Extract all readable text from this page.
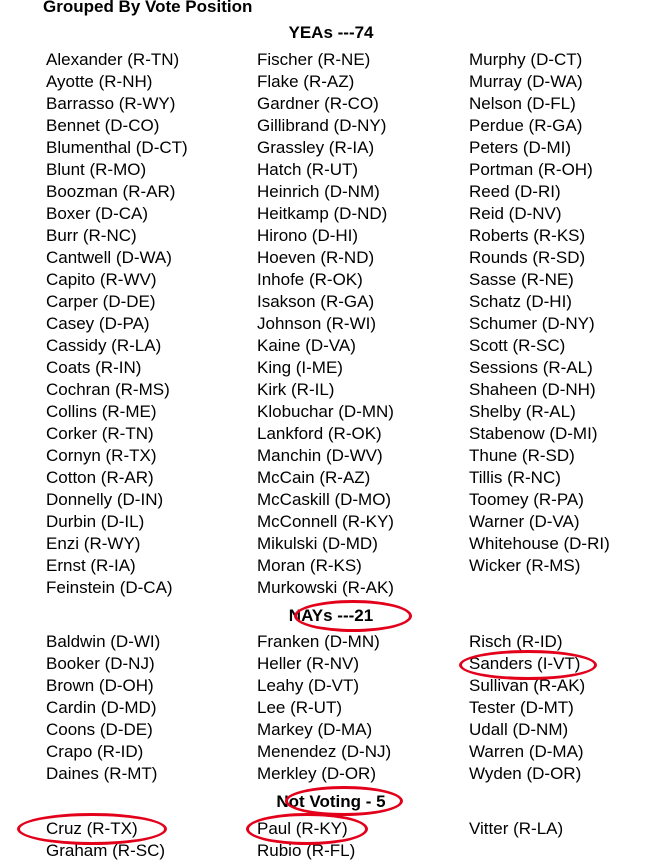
Grouped By Vote Position
YEAs ---74
Alexander (R-TN)
Ayotte (R-NH)
Barrasso (R-WY)
Bennet (D-CO)
Blumenthal (D-CT)
Blunt (R-MO)
Boozman (R-AR)
Boxer (D-CA)
Burr (R-NC)
Cantwell (D-WA)
Capito (R-WV)
Carper (D-DE)
Casey (D-PA)
Cassidy (R-LA)
Coats (R-IN)
Cochran (R-MS)
Collins (R-ME)
Corker (R-TN)
Cornyn (R-TX)
Cotton (R-AR)
Donnelly (D-IN)
Durbin (D-IL)
Enzi (R-WY)
Ernst (R-IA)
Feinstein (D-CA)
Fischer (R-NE)
Flake (R-AZ)
Gardner (R-CO)
Gillibrand (D-NY)
Grassley (R-IA)
Hatch (R-UT)
Heinrich (D-NM)
Heitkamp (D-ND)
Hirono (D-HI)
Hoeven (R-ND)
Inhofe (R-OK)
Isakson (R-GA)
Johnson (R-WI)
Kaine (D-VA)
King (I-ME)
Kirk (R-IL)
Klobuchar (D-MN)
Lankford (R-OK)
Manchin (D-WV)
McCain (R-AZ)
McCaskill (D-MO)
McConnell (R-KY)
Mikulski (D-MD)
Moran (R-KS)
Murkowski (R-AK)
Murphy (D-CT)
Murray (D-WA)
Nelson (D-FL)
Perdue (R-GA)
Peters (D-MI)
Portman (R-OH)
Reed (D-RI)
Reid (D-NV)
Roberts (R-KS)
Rounds (R-SD)
Sasse (R-NE)
Schatz (D-HI)
Schumer (D-NY)
Scott (R-SC)
Sessions (R-AL)
Shaheen (D-NH)
Shelby (R-AL)
Stabenow (D-MI)
Thune (R-SD)
Tillis (R-NC)
Toomey (R-PA)
Warner (D-VA)
Whitehouse (D-RI)
Wicker (R-MS)
NAYs ---21
Baldwin (D-WI)
Booker (D-NJ)
Brown (D-OH)
Cardin (D-MD)
Coons (D-DE)
Crapo (R-ID)
Daines (R-MT)
Franken (D-MN)
Heller (R-NV)
Leahy (D-VT)
Lee (R-UT)
Markey (D-MA)
Menendez (D-NJ)
Merkley (D-OR)
Risch (R-ID)
Sanders (I-VT)
Sullivan (R-AK)
Tester (D-MT)
Udall (D-NM)
Warren (D-MA)
Wyden (D-OR)
Not Voting - 5
Cruz (R-TX)
Graham (R-SC)
Paul (R-KY)
Rubio (R-FL)
Vitter (R-LA)
